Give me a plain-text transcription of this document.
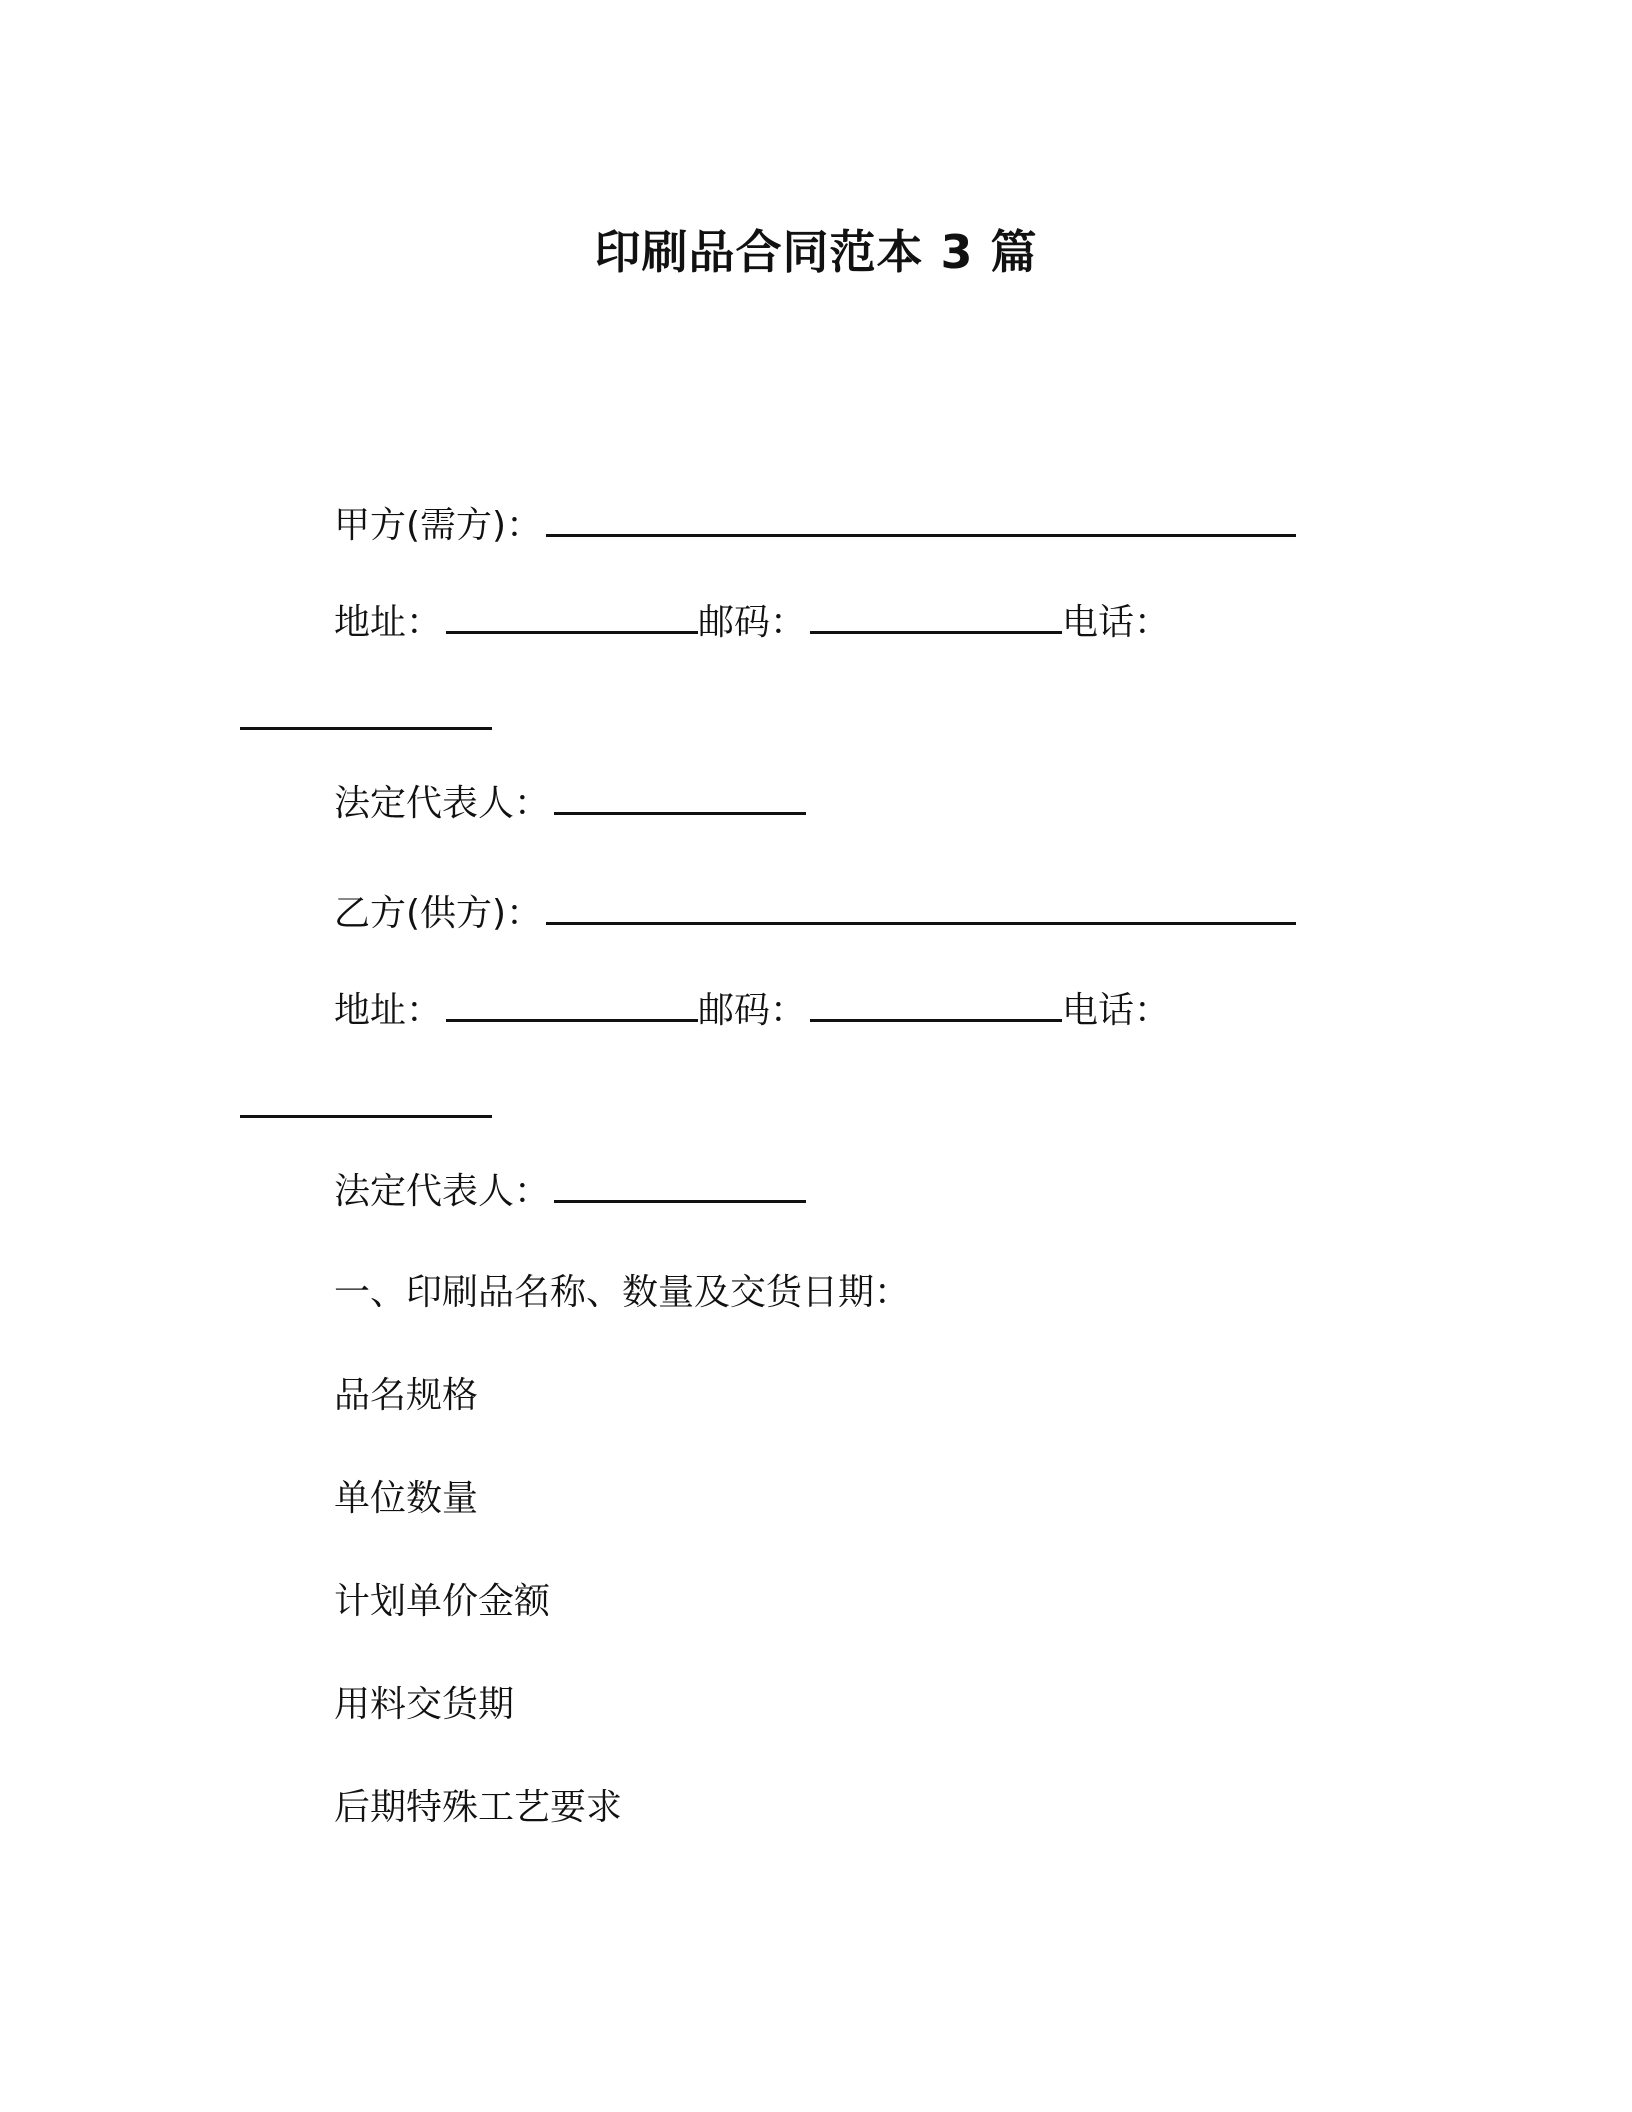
印刷品合同范本 3 篇
甲方(需方)：
地址：	邮码：	电话：
法定代表人：
乙方(供方)：
地址：	邮码：	电话：
法定代表人：
一、印刷品名称、数量及交货日期：
品名规格
单位数量
计划单价金额
用料交货期
后期特殊工艺要求
